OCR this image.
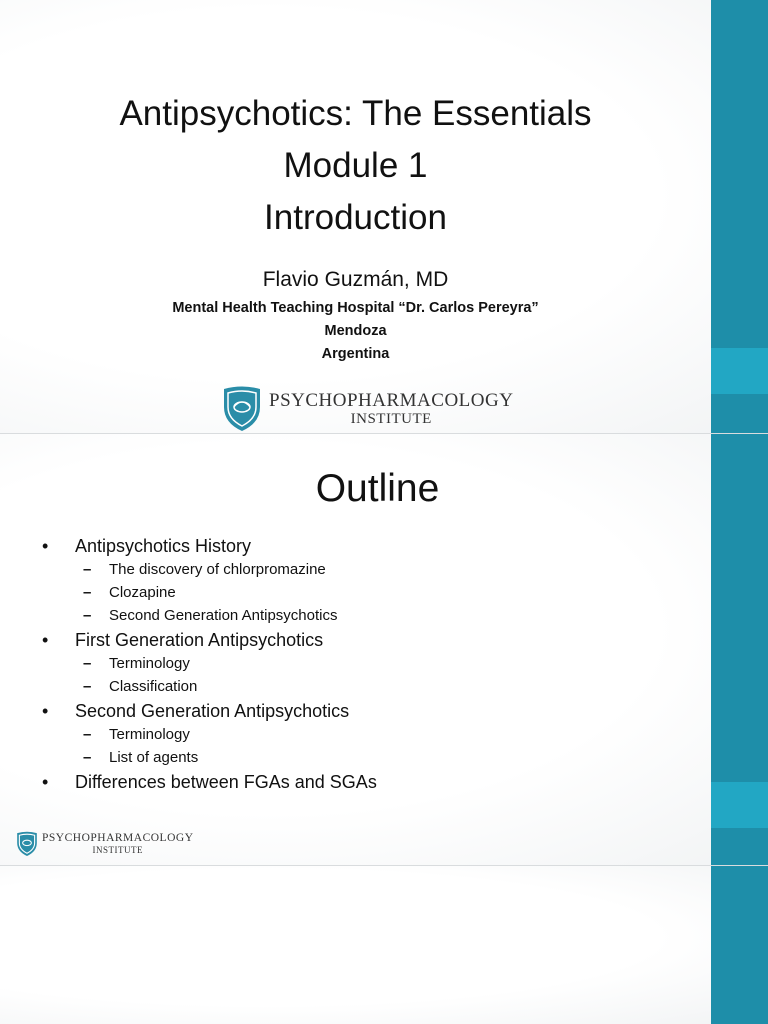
Antipsychotics: The Essentials
Module 1
Introduction
Flavio Guzmán, MD
Mental Health Teaching Hospital “Dr. Carlos Pereyra”
Mendoza
Argentina
PSYCHOPHARMACOLOGY
INSTITUTE
Outline
• Antipsychotics History
– The discovery of chlorpromazine
– Clozapine
– Second Generation Antipsychotics
• First Generation Antipsychotics
– Terminology
– Classification
• Second Generation Antipsychotics
– Terminology
– List of agents
• Differences between FGAs and SGAs
PSYCHOPHARMACOLOGY
INSTITUTE
